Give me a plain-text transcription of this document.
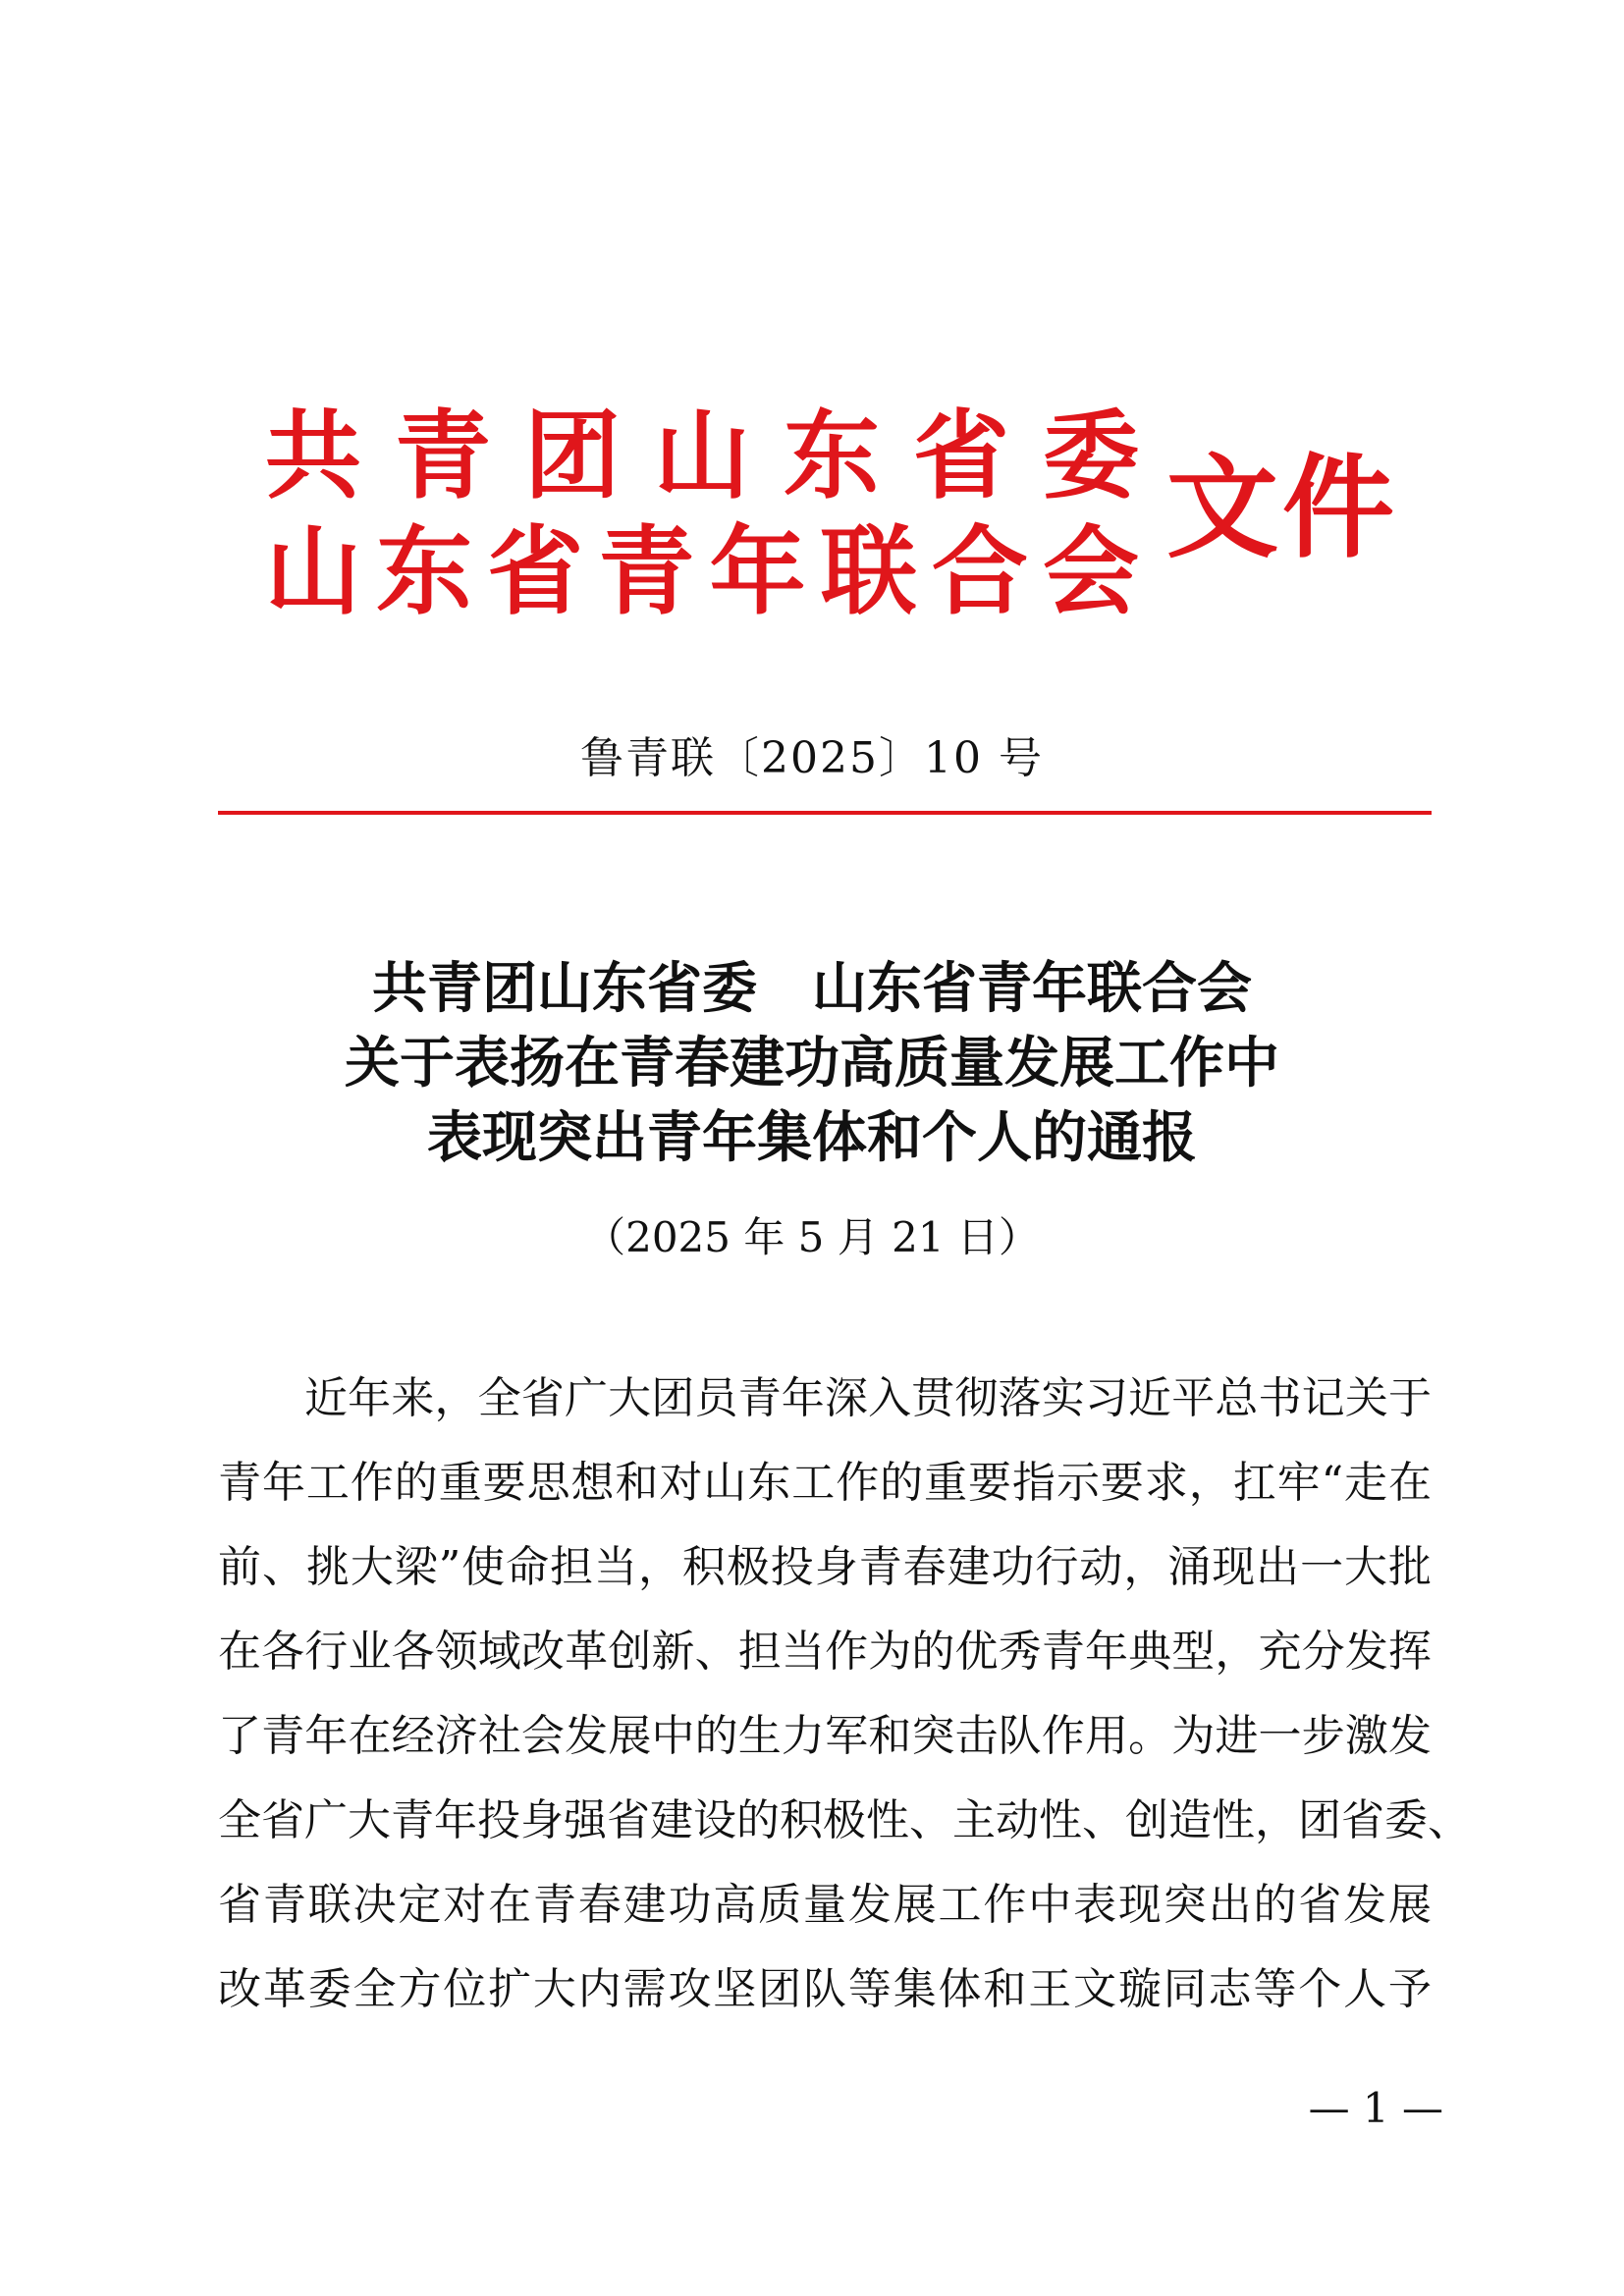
共 青 团 山 东 省 委
山 东 省 青 年 联 合 会 文件
鲁青联〔2025〕10 号
共青团山东省委 山东省青年联合会
关于表扬在青春建功高质量发展工作中
表现突出青年集体和个人的通报
（2025 年 5 月 21 日）
近年来，全省广大团员青年深入贯彻落实习近平总书记关于
青年工作的重要思想和对山东工作的重要指示要求，扛牢“走在
前、挑大梁”使命担当，积极投身青春建功行动，涌现出一大批
在各行业各领域改革创新、担当作为的优秀青年典型，充分发挥
了青年在经济社会发展中的生力军和突击队作用。为进一步激发
全省广大青年投身强省建设的积极性、主动性、创造性，团省委、
省青联决定对在青春建功高质量发展工作中表现突出的省发展
改革委全方位扩大内需攻坚团队等集体和王文璇同志等个人予
— 1 —
